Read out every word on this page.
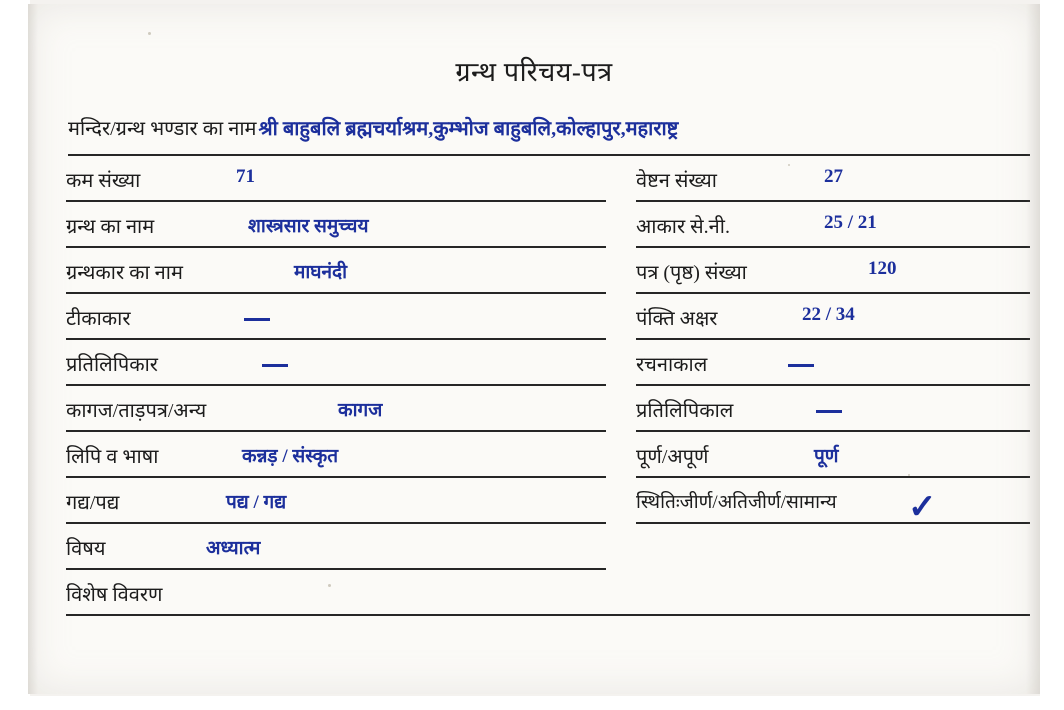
ग्रन्थ परिचय-पत्र
मन्दिर/ग्रन्थ भण्डार का नाम श्री बाहुबलि ब्रह्मचर्याश्रम,कुम्भोज बाहुबलि,कोल्हापुर,महाराष्ट्र
कम संख्या	71
ग्रन्थ का नाम	शास्त्रसार समुच्चय
ग्रन्थकार का नाम	माघनंदी
टीकाकार
प्रतिलिपिकार
कागज/ताड़पत्र/अन्य	कागज
लिपि व भाषा	कन्नड़ / संस्कृत
गद्य/पद्य	पद्य / गद्य
विषय	अध्यात्म
विशेष विवरण
वेष्टन संख्या	27
आकार से.नी.	25 / 21
पत्र (पृष्ठ) संख्या	120
पंक्ति अक्षर	22 / 34
रचनाकाल
प्रतिलिपिकाल
पूर्ण/अपूर्ण	पूर्ण
स्थितिःजीर्ण/अतिजीर्ण/सामान्य ✓
